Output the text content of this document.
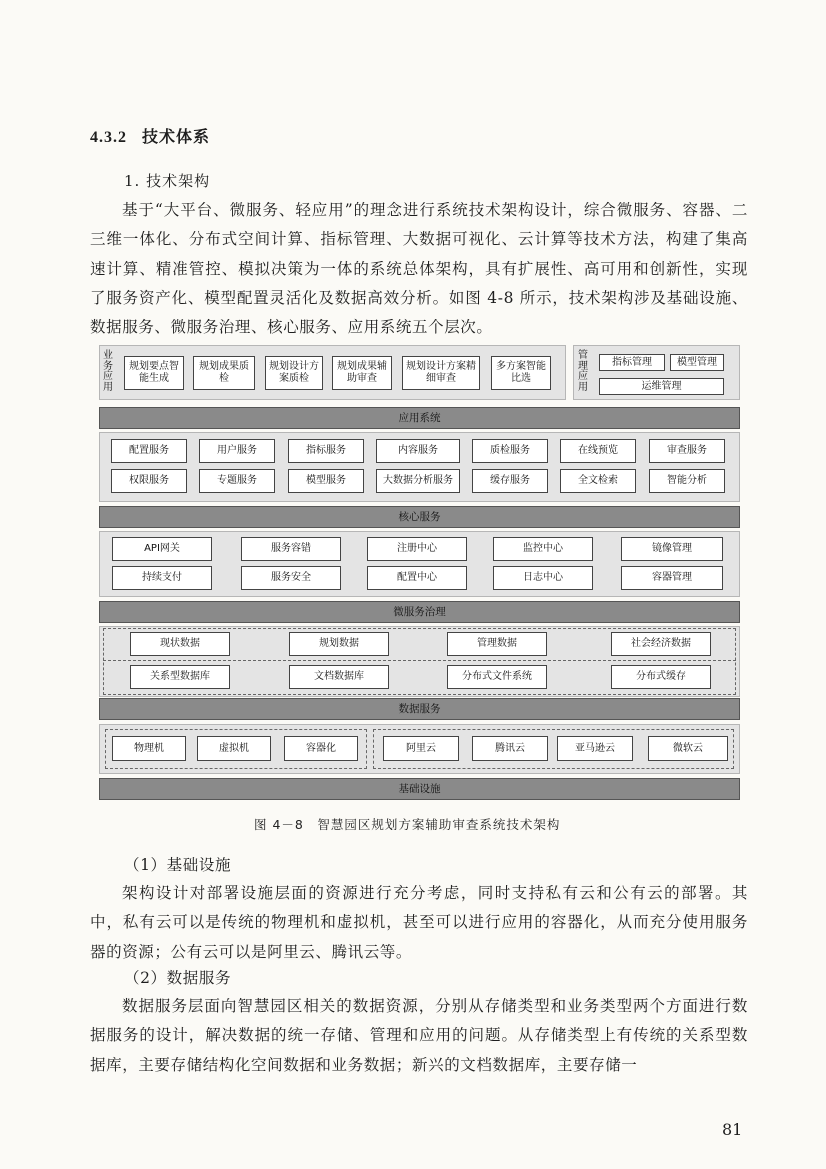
4.3.2 技术体系
1. 技术架构

基于“大平台、微服务、轻应用”的理念进行系统技术架构设计，综合微服务、容器、二三维一体化、分布式空间计算、指标管理、大数据可视化、云计算等技术方法，构建了集高速计算、精准管控、模拟决策为一体的系统总体架构，具有扩展性、高可用和创新性，实现了服务资产化、模型配置灵活化及数据高效分析。如图 4-8 所示，技术架构涉及基础设施、数据服务、微服务治理、核心服务、应用系统五个层次。

业务应用
规划要点智能生成
规划成果质检
规划设计方案质检
规划成果辅助审查
规划设计方案精细审查
多方案智能比选
管理应用
指标管理	模型管理
运维管理
应用系统
核心服务
微服务治理
数据服务
基础设施
配置服务	用户服务	指标服务	内容服务	质检服务	在线预览	审查服务
权限服务	专题服务	模型服务	大数据分析服务	缓存服务	全文检索	智能分析
API网关	服务容错	注册中心	监控中心	镜像管理
持续支付	服务安全	配置中心	日志中心	容器管理
现状数据	规划数据	管理数据	社会经济数据
关系型数据库	文档数据库	分布式文件系统	分布式缓存
物理机	虚拟机	容器化	阿里云	腾讯云	亚马逊云	微软云
图 4－8　智慧园区规划方案辅助审查系统技术架构
（1）基础设施

架构设计对部署设施层面的资源进行充分考虑，同时支持私有云和公有云的部署。其中，私有云可以是传统的物理机和虚拟机，甚至可以进行应用的容器化，从而充分使用服务器的资源；公有云可以是阿里云、腾讯云等。

（2）数据服务

数据服务层面向智慧园区相关的数据资源，分别从存储类型和业务类型两个方面进行数据服务的设计，解决数据的统一存储、管理和应用的问题。从存储类型上有传统的关系型数据库，主要存储结构化空间数据和业务数据；新兴的文档数据库，主要存储一

81
